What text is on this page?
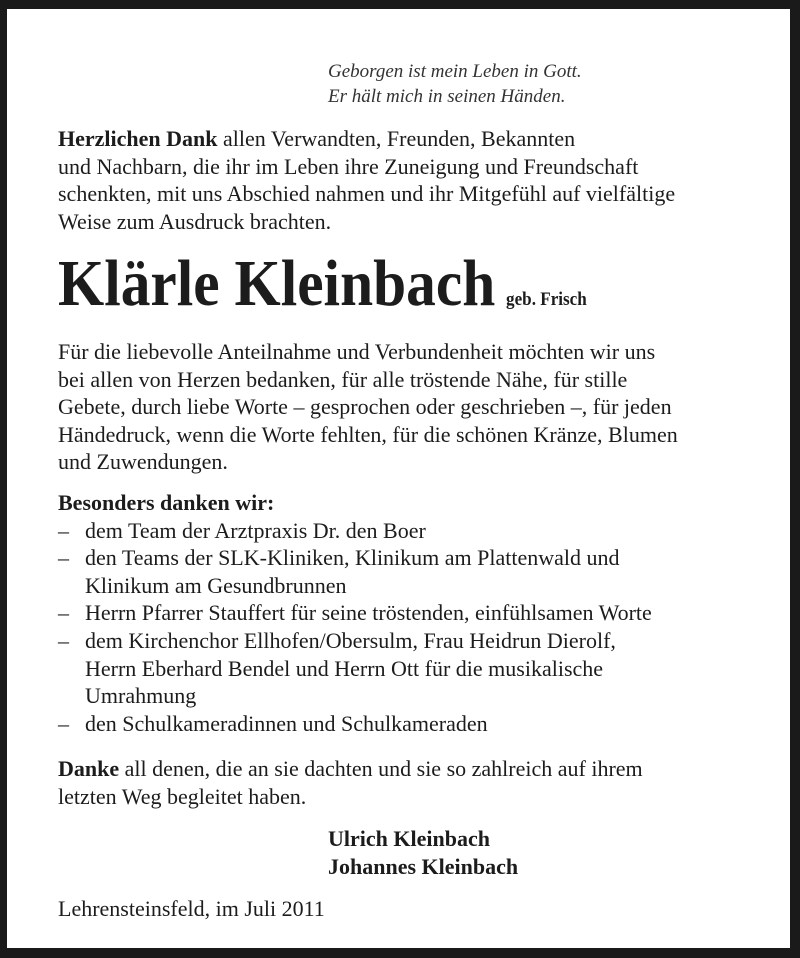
Geborgen ist mein Leben in Gott.
Er hält mich in seinen Händen.
Herzlichen Dank allen Verwandten, Freunden, Bekannten
und Nachbarn, die ihr im Leben ihre Zuneigung und Freundschaft
schenkten, mit uns Abschied nahmen und ihr Mitgefühl auf vielfältige
Weise zum Ausdruck brachten.
Klärle Kleinbach geb. Frisch
Für die liebevolle Anteilnahme und Verbundenheit möchten wir uns
bei allen von Herzen bedanken, für alle tröstende Nähe, für stille
Gebete, durch liebe Worte – gesprochen oder geschrieben –, für jeden
Händedruck, wenn die Worte fehlten, für die schönen Kränze, Blumen
und Zuwendungen.
Besonders danken wir:
– dem Team der Arztpraxis Dr. den Boer
– den Teams der SLK-Kliniken, Klinikum am Plattenwald und
Klinikum am Gesundbrunnen
– Herrn Pfarrer Stauffert für seine tröstenden, einfühlsamen Worte
– dem Kirchenchor Ellhofen/Obersulm, Frau Heidrun Dierolf,
Herrn Eberhard Bendel und Herrn Ott für die musikalische
Umrahmung
– den Schulkameradinnen und Schulkameraden
Danke all denen, die an sie dachten und sie so zahlreich auf ihrem
letzten Weg begleitet haben.
Ulrich Kleinbach
Johannes Kleinbach
Lehrensteinsfeld, im Juli 2011
